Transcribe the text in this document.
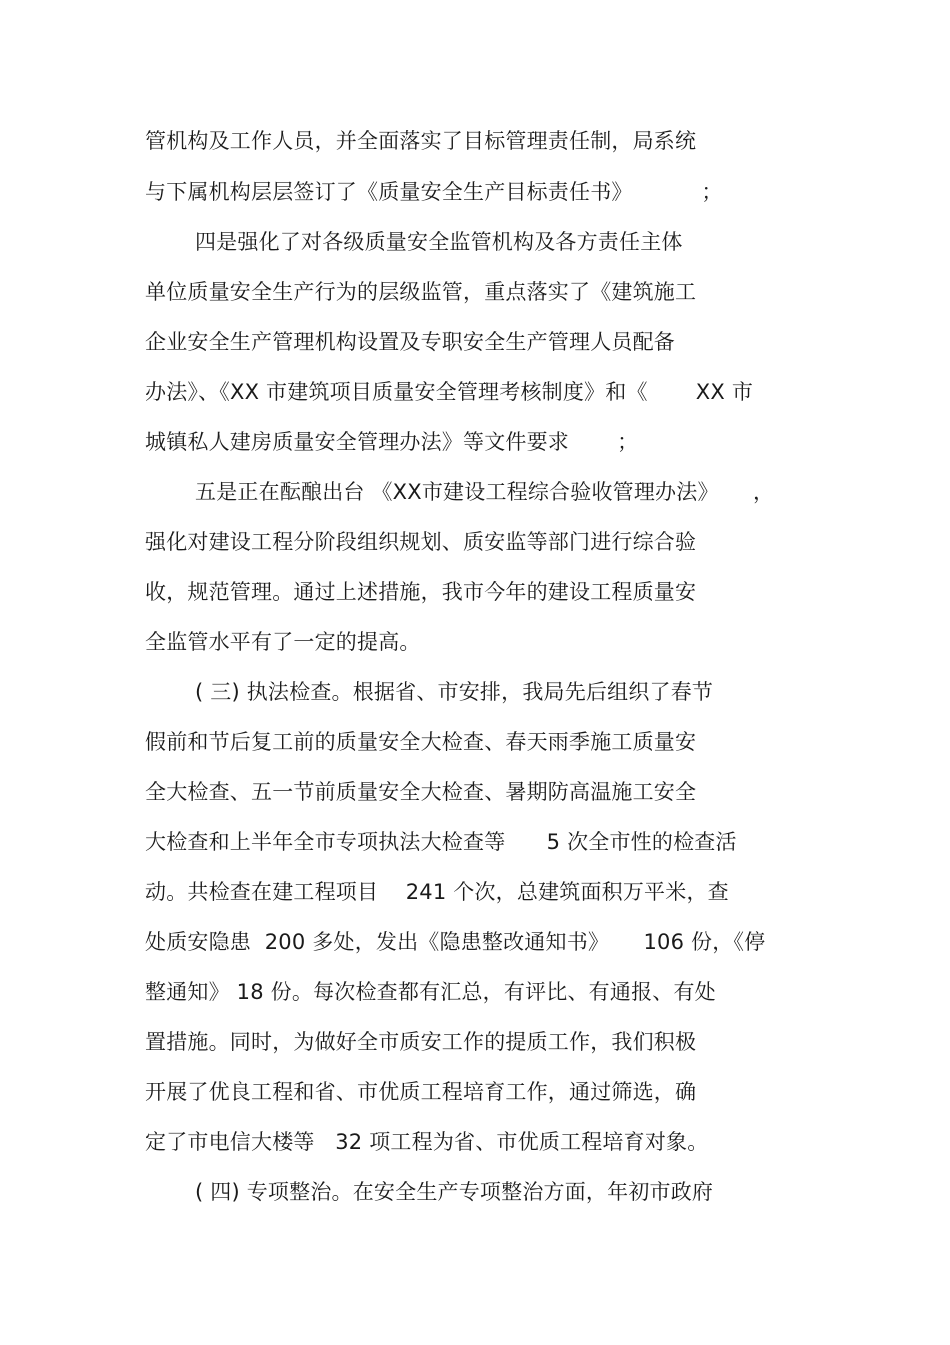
管机构及工作人员，并全面落实了目标管理责任制，局系统
与下属机构层层签订了《质量安全生产目标责任书》          ；
四是强化了对各级质量安全监管机构及各方责任主体
单位质量安全生产行为的层级监管，重点落实了《建筑施工
企业安全生产管理机构设置及专职安全生产管理人员配备
办法》、《XX 市建筑项目质量安全管理考核制度》和《       XX 市
城镇私人建房质量安全管理办法》等文件要求       ；
五是正在酝酿出台 《XX市建设工程综合验收管理办法》     ，
强化对建设工程分阶段组织规划、质安监等部门进行综合验
收，规范管理。通过上述措施，我市今年的建设工程质量安
全监管水平有了一定的提高。
( 三) 执法检查。根据省、市安排，我局先后组织了春节
假前和节后复工前的质量安全大检查、春天雨季施工质量安
全大检查、五一节前质量安全大检查、暑期防高温施工安全
大检查和上半年全市专项执法大检查等      5 次全市性的检查活
动。共检查在建工程项目    241 个次，总建筑面积万平米，查
处质安隐患  200 多处，发出《隐患整改通知书》     106 份，《停
整通知》 18 份。每次检查都有汇总，有评比、有通报、有处
置措施。同时，为做好全市质安工作的提质工作，我们积极
开展了优良工程和省、市优质工程培育工作，通过筛选，确
定了市电信大楼等   32 项工程为省、市优质工程培育对象。
( 四) 专项整治。在安全生产专项整治方面，年初市政府
